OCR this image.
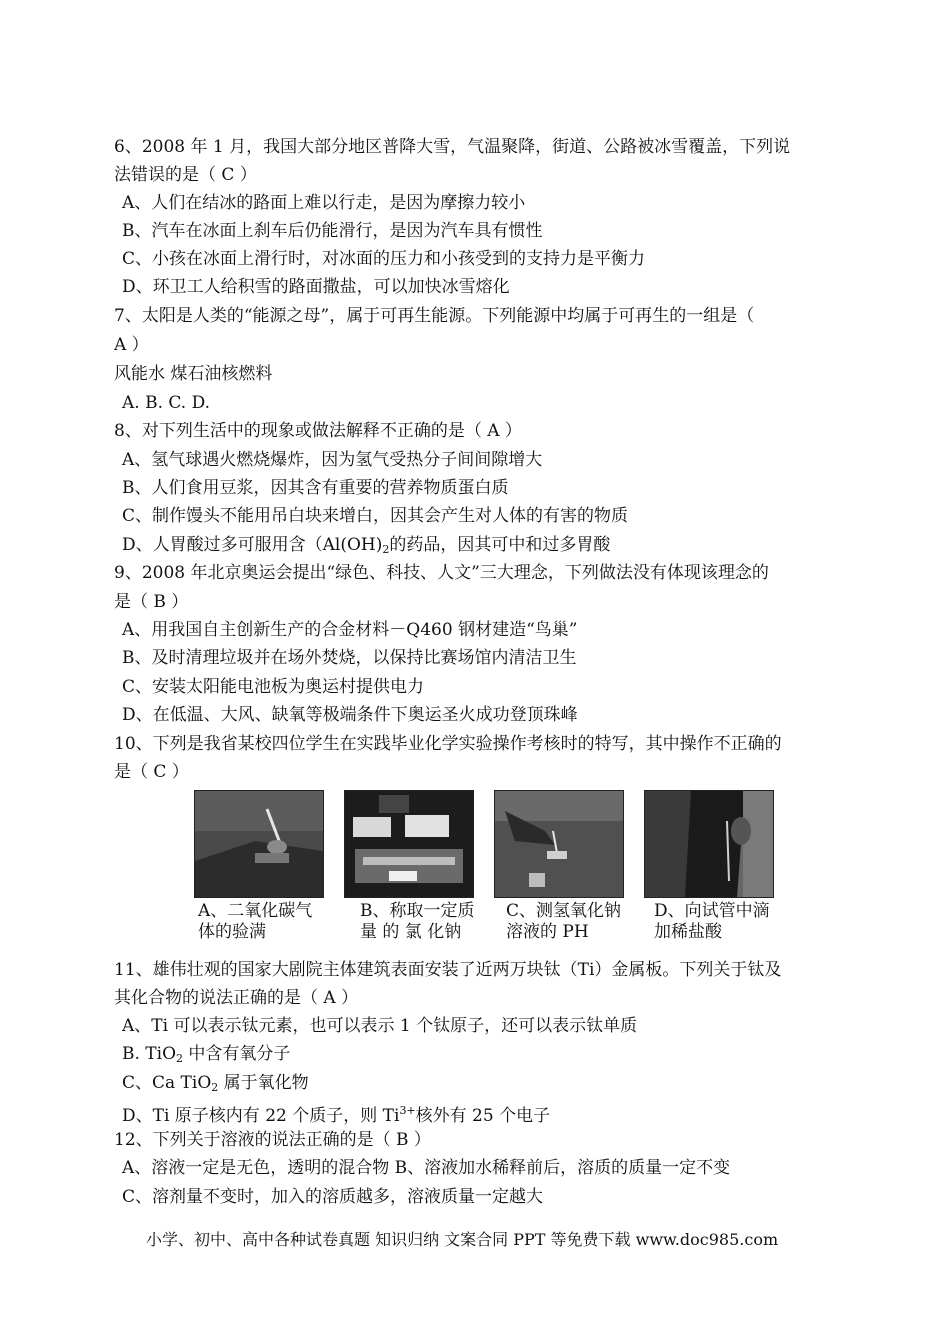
6、2008 年 1 月，我国大部分地区普降大雪，气温聚降，街道、公路被冰雪覆盖，下列说
法错误的是（ C ）
A、人们在结冰的路面上难以行走，是因为摩擦力较小
B、汽车在冰面上刹车后仍能滑行，是因为汽车具有惯性
C、小孩在冰面上滑行时，对冰面的压力和小孩受到的支持力是平衡力
D、环卫工人给积雪的路面撒盐，可以加快冰雪熔化
7、太阳是人类的“能源之母”，属于可再生能源。下列能源中均属于可再生的一组是（
A ）
风能水 煤石油核燃料
A. B. C. D.
8、对下列生活中的现象或做法解释不正确的是（ A ）
A、氢气球遇火燃烧爆炸，因为氢气受热分子间间隙增大
B、人们食用豆浆，因其含有重要的营养物质蛋白质
C、制作馒头不能用吊白块来增白，因其会产生对人体的有害的物质
D、人胃酸过多可服用含（$Al(OH)_2$的药品，因其可中和过多胃酸
9、2008 年北京奥运会提出“绿色、科技、人文”三大理念，下列做法没有体现该理念的
是（ B ）
A、用我国自主创新生产的合金材料－Q460 钢材建造“鸟巢”
B、及时清理垃圾并在场外焚烧，以保持比赛场馆内清洁卫生
C、安装太阳能电池板为奥运村提供电力
D、在低温、大风、缺氧等极端条件下奥运圣火成功登顶珠峰
10、下列是我省某校四位学生在实践毕业化学实验操作考核时的特写，其中操作不正确的
是（ C ）
A、二氧化碳气体的验满
B、称取一定质 量 的 氯 化钠
C、测氢氧化钠溶液的 PH
D、向试管中滴加稀盐酸
11、雄伟壮观的国家大剧院主体建筑表面安装了近两万块钛（Ti）金属板。下列关于钛及
其化合物的说法正确的是（ A ）
A、Ti 可以表示钛元素，也可以表示 1 个钛原子，还可以表示钛单质
B. TiO$_2$ 中含有氧分子
C、Ca TiO$_2$ 属于氧化物
D、Ti 原子核内有 22 个质子，则 $Ti^{3+}$核外有 25 个电子
12、下列关于溶液的说法正确的是（ B ）
A、溶液一定是无色，透明的混合物 B、溶液加水稀释前后，溶质的质量一定不变
C、溶剂量不变时，加入的溶质越多，溶液质量一定越大
小学、初中、高中各种试卷真题 知识归纳 文案合同 PPT 等免费下载 www.doc985.com
